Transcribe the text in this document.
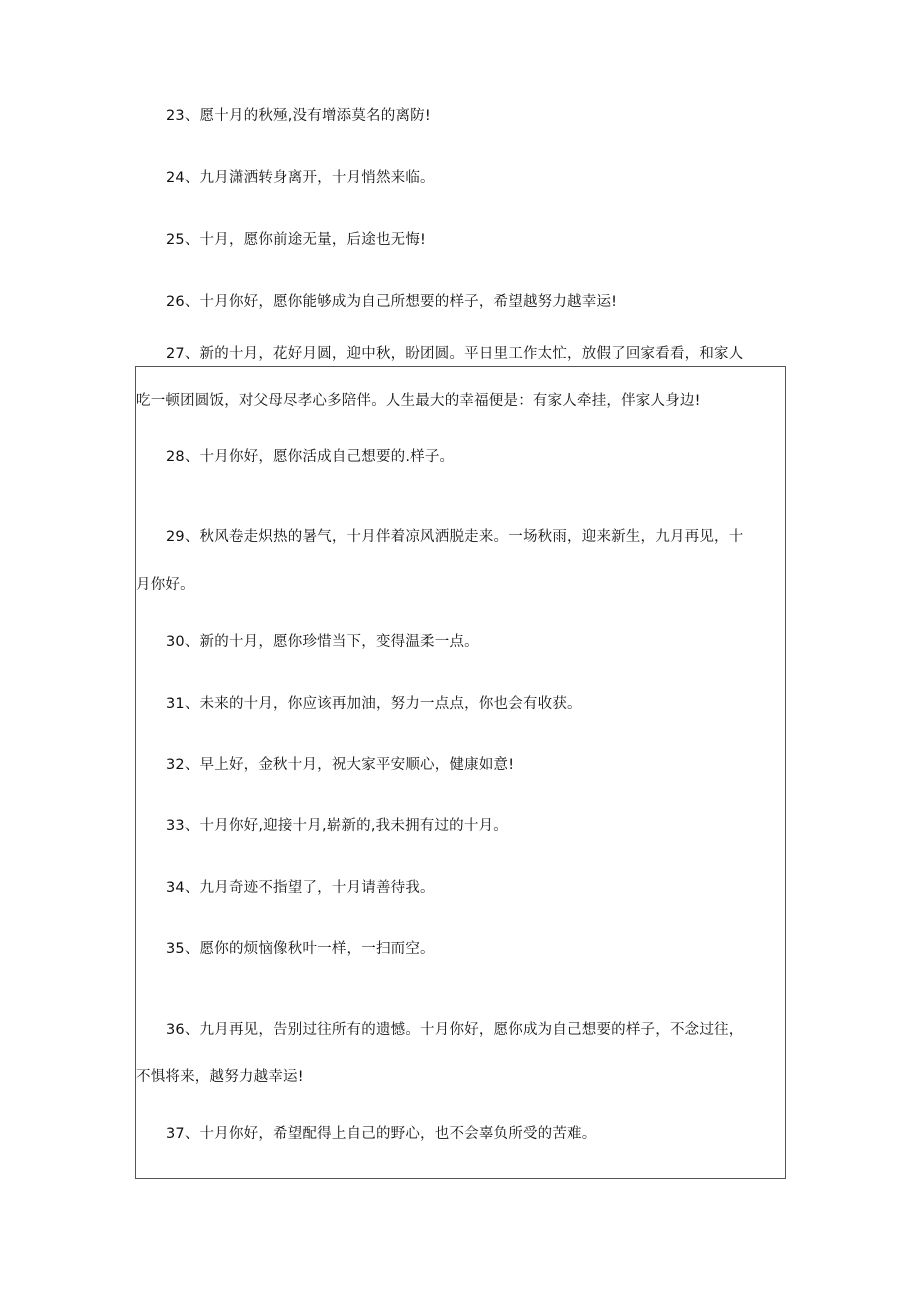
23、愿十月的秋殛,没有增添莫名的离防!
24、九月潇洒转身离开，十月悄然来临。
25、十月，愿你前途无量，后途也无悔!
26、十月你好，愿你能够成为自己所想要的样子，希望越努力越幸运!
27、新的十月，花好月圆，迎中秋，盼团圆。平日里工作太忙，放假了回家看看，和家人
吃一顿团圆饭，对父母尽孝心多陪伴。人生最大的幸福便是：有家人牵挂，伴家人身边!
28、十月你好，愿你活成自己想要的.样子。
29、秋风卷走炽热的暑气，十月伴着凉风洒脱走来。一场秋雨，迎来新生，九月再见，十
月你好。
30、新的十月，愿你珍惜当下，变得温柔一点。
31、未来的十月，你应该再加油，努力一点点，你也会有收获。
32、早上好，金秋十月，祝大家平安顺心，健康如意!
33、十月你好,迎接十月,崭新的,我未拥有过的十月。
34、九月奇迹不指望了，十月请善待我。
35、愿你的烦恼像秋叶一样，一扫而空。
36、九月再见，告别过往所有的遗憾。十月你好，愿你成为自己想要的样子，不念过往，
不惧将来，越努力越幸运!
37、十月你好，希望配得上自己的野心，也不会辜负所受的苦难。
